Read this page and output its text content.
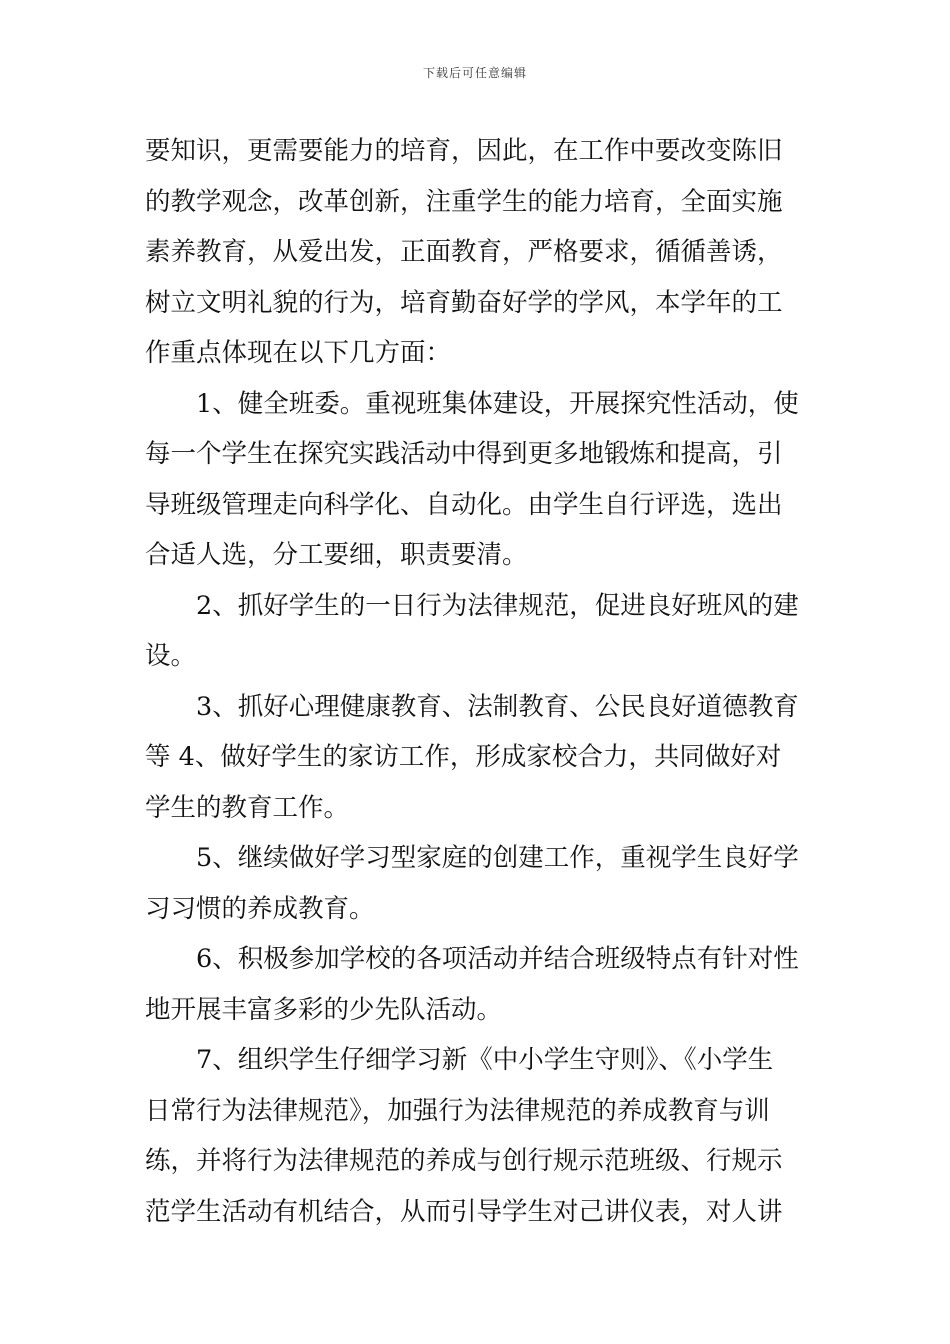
下载后可任意编辑
要知识，更需要能力的培育，因此，在工作中要改变陈旧
的教学观念，改革创新，注重学生的能力培育，全面实施
素养教育，从爱出发，正面教育，严格要求，循循善诱，
树立文明礼貌的行为，培育勤奋好学的学风，本学年的工
作重点体现在以下几方面：
1、健全班委。重视班集体建设，开展探究性活动，使
每一个学生在探究实践活动中得到更多地锻炼和提高，引
导班级管理走向科学化、自动化。由学生自行评选，选出
合适人选，分工要细，职责要清。
2、抓好学生的一日行为法律规范，促进良好班风的建
设。
3、抓好心理健康教育、法制教育、公民良好道德教育
等 4、做好学生的家访工作，形成家校合力，共同做好对
学生的教育工作。
5、继续做好学习型家庭的创建工作，重视学生良好学
习习惯的养成教育。
6、积极参加学校的各项活动并结合班级特点有针对性
地开展丰富多彩的少先队活动。
7、组织学生仔细学习新《中小学生守则》、《小学生
日常行为法律规范》，加强行为法律规范的养成教育与训
练，并将行为法律规范的养成与创行规示范班级、行规示
范学生活动有机结合，从而引导学生对己讲仪表，对人讲
